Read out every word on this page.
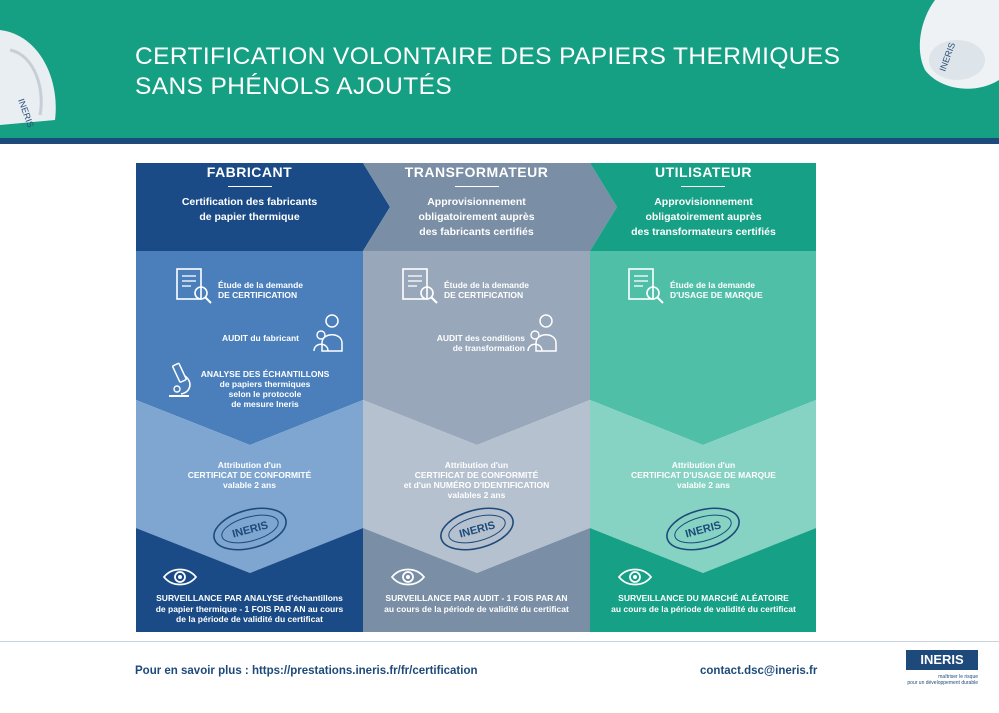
INERIS
INERIS
CERTIFICATION VOLONTAIRE DES PAPIERS THERMIQUES
SANS PHÉNOLS AJOUTÉS
FABRICANT
Certification des fabricants
de papier thermique
TRANSFORMATEUR
Approvisionnement
obligatoirement auprès
des fabricants certifiés
UTILISATEUR
Approvisionnement
obligatoirement auprès
des transformateurs certifiés
Étude de la demande
DE CERTIFICATION
Étude de la demande
DE CERTIFICATION
Étude de la demande
D'USAGE DE MARQUE
AUDIT du fabricant	AUDIT des conditions
de transformation
ANALYSE DES ÉCHANTILLONS
de papiers thermiques
selon le protocole
de mesure Ineris
Attribution d'un
CERTIFICAT DE CONFORMITÉ
valable 2 ans
Attribution d'un
CERTIFICAT DE CONFORMITÉ
et d'un NUMÉRO D'IDENTIFICATION
valables 2 ans
Attribution d'un
CERTIFICAT D'USAGE DE MARQUE
valable 2 ans
INERIS	INERIS	INERIS
SURVEILLANCE PAR ANALYSE d'échantillons
de papier thermique - 1 FOIS PAR AN au cours
de la période de validité du certificat
SURVEILLANCE PAR AUDIT - 1 FOIS PAR AN
au cours de la période de validité du certificat
SURVEILLANCE DU MARCHÉ ALÉATOIRE
au cours de la période de validité du certificat
Pour en savoir plus : https://prestations.ineris.fr/fr/certification	contact.dsc@ineris.fr
INERIS
maîtriser le risque
pour un développement durable
